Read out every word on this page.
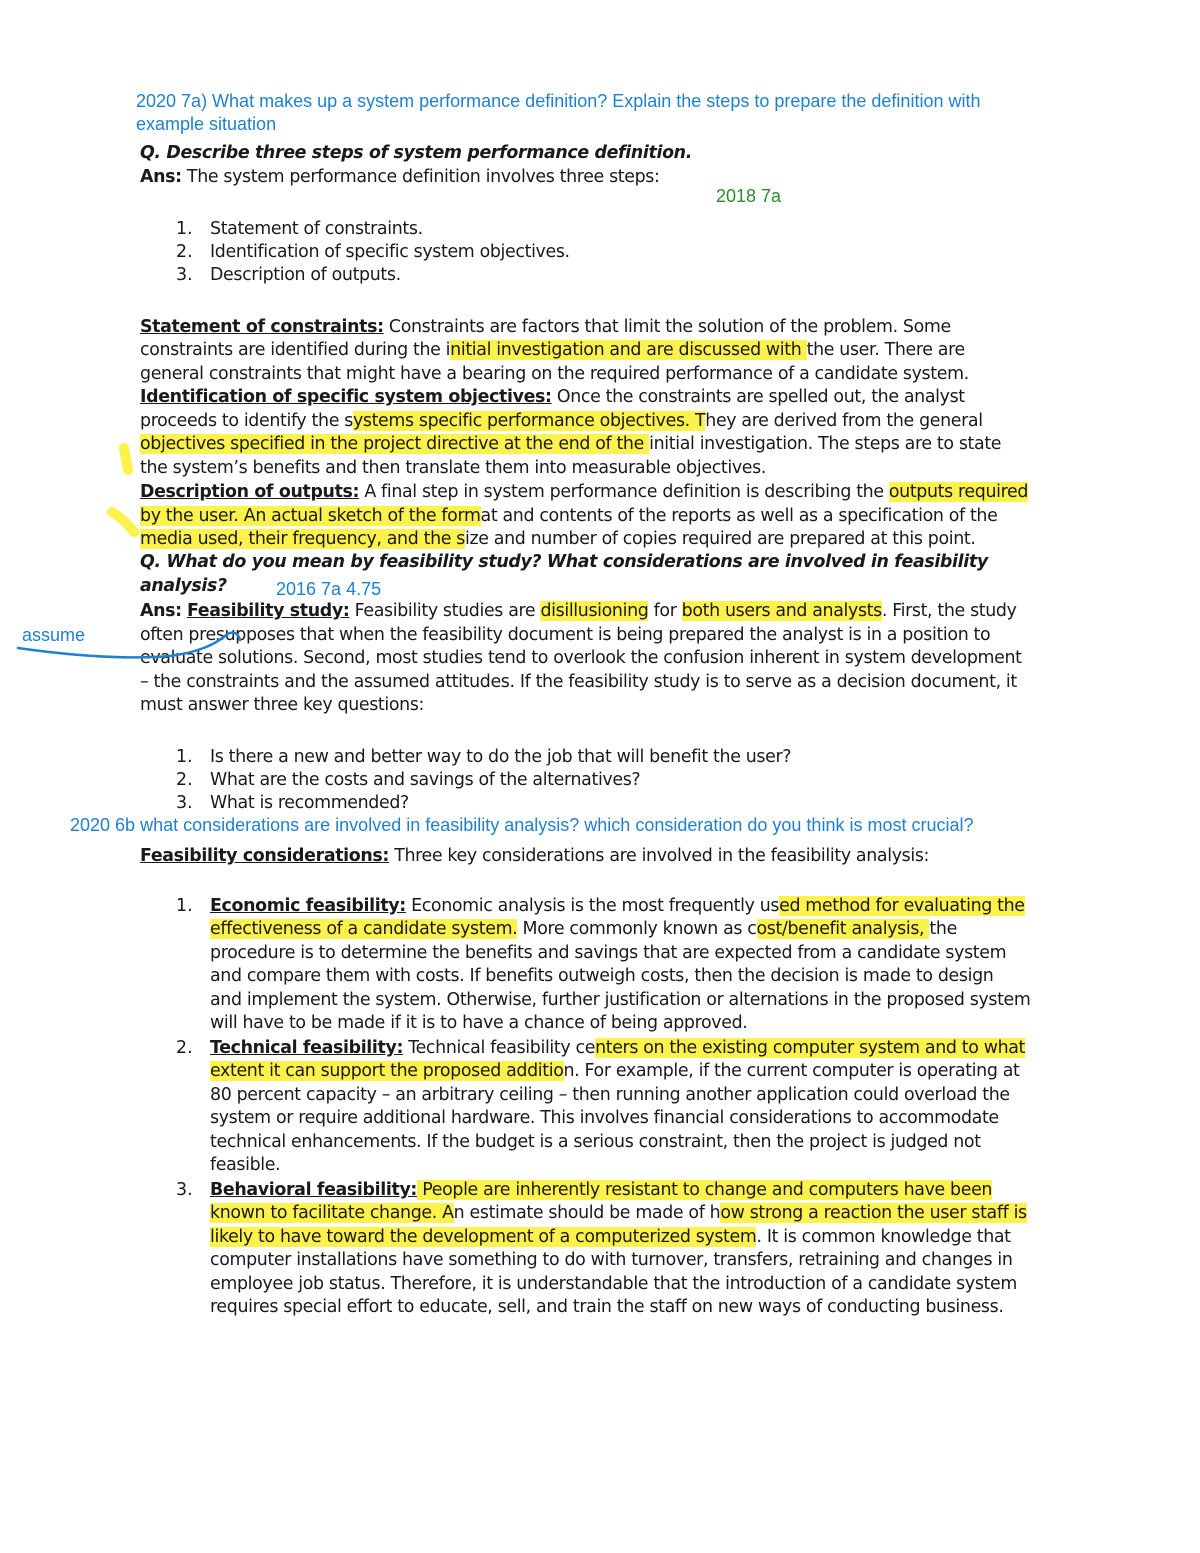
2020 7a) What makes up a system performance definition? Explain the steps to prepare the definition with
example situation
Q. Describe three steps of system performance definition.
Ans: The system performance definition involves three steps:
2018 7a
1. Statement of constraints.
2. Identification of specific system objectives.
3. Description of outputs.
Statement of constraints: Constraints are factors that limit the solution of the problem. Some
constraints are identified during the initial investigation and are discussed with the user. There are
general constraints that might have a bearing on the required performance of a candidate system.
Identification of specific system objectives: Once the constraints are spelled out, the analyst
proceeds to identify the systems specific performance objectives. They are derived from the general
objectives specified in the project directive at the end of the initial investigation. The steps are to state
the system’s benefits and then translate them into measurable objectives.
Description of outputs: A final step in system performance definition is describing the outputs required
by the user. An actual sketch of the format and contents of the reports as well as a specification of the
media used, their frequency, and the size and number of copies required are prepared at this point.
Q. What do you mean by feasibility study? What considerations are involved in feasibility
analysis?	2016 7a 4.75
Ans: Feasibility study: Feasibility studies are disillusioning for both users and analysts. First, the study
often presupposes that when the feasibility document is being prepared the analyst is in a position to
evaluate solutions. Second, most studies tend to overlook the confusion inherent in system development
– the constraints and the assumed attitudes. If the feasibility study is to serve as a decision document, it
must answer three key questions:
assume
1. Is there a new and better way to do the job that will benefit the user?
2. What are the costs and savings of the alternatives?
3. What is recommended?
2020 6b what considerations are involved in feasibility analysis? which consideration do you think is most crucial?
Feasibility considerations: Three key considerations are involved in the feasibility analysis:
1. Economic feasibility: Economic analysis is the most frequently used method for evaluating the
effectiveness of a candidate system. More commonly known as cost/benefit analysis, the
procedure is to determine the benefits and savings that are expected from a candidate system
and compare them with costs. If benefits outweigh costs, then the decision is made to design
and implement the system. Otherwise, further justification or alternations in the proposed system
will have to be made if it is to have a chance of being approved.
2. Technical feasibility: Technical feasibility centers on the existing computer system and to what
extent it can support the proposed addition. For example, if the current computer is operating at
80 percent capacity – an arbitrary ceiling – then running another application could overload the
system or require additional hardware. This involves financial considerations to accommodate
technical enhancements. If the budget is a serious constraint, then the project is judged not
feasible.
3. Behavioral feasibility: People are inherently resistant to change and computers have been
known to facilitate change. An estimate should be made of how strong a reaction the user staff is
likely to have toward the development of a computerized system. It is common knowledge that
computer installations have something to do with turnover, transfers, retraining and changes in
employee job status. Therefore, it is understandable that the introduction of a candidate system
requires special effort to educate, sell, and train the staff on new ways of conducting business.
